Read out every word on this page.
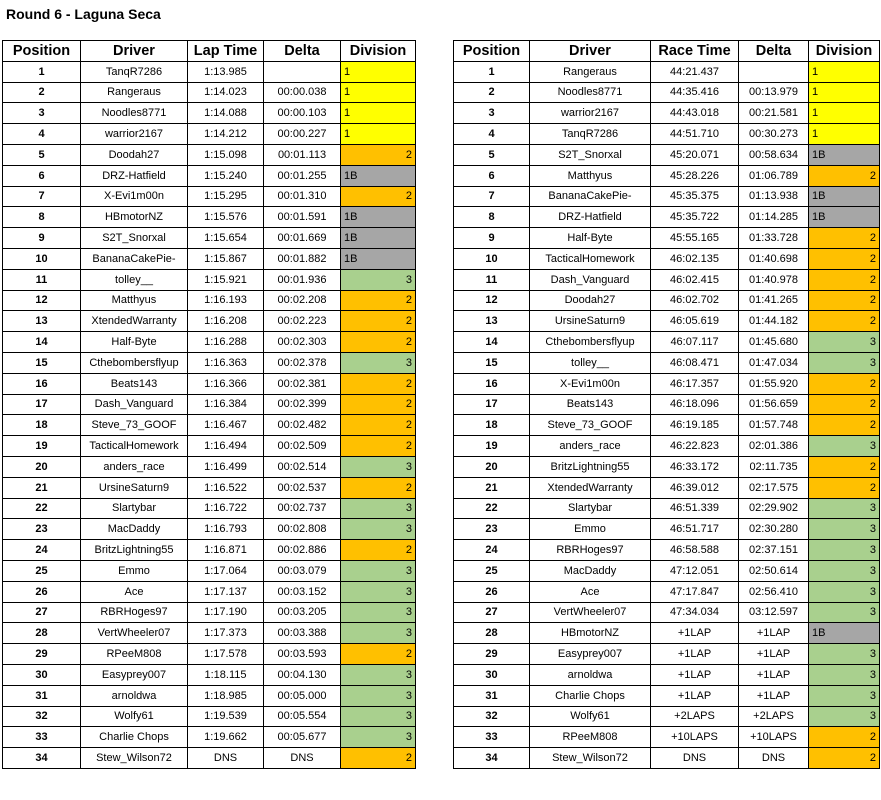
Round 6 - Laguna Seca
Position	Driver	Lap Time	Delta	Division
1	TanqR7286	1:13.985		1
2	Rangeraus	1:14.023	00:00.038	1
3	Noodles8771	1:14.088	00:00.103	1
4	warrior2167	1:14.212	00:00.227	1
5	Doodah27	1:15.098	00:01.113	2
6	DRZ-Hatfield	1:15.240	00:01.255	1B
7	X-Evi1m00n	1:15.295	00:01.310	2
8	HBmotorNZ	1:15.576	00:01.591	1B
9	S2T_Snorxal	1:15.654	00:01.669	1B
10	BananaCakePie-	1:15.867	00:01.882	1B
11	tolley__	1:15.921	00:01.936	3
12	Matthyus	1:16.193	00:02.208	2
13	XtendedWarranty	1:16.208	00:02.223	2
14	Half-Byte	1:16.288	00:02.303	2
15	Cthebombersflyup	1:16.363	00:02.378	3
16	Beats143	1:16.366	00:02.381	2
17	Dash_Vanguard	1:16.384	00:02.399	2
18	Steve_73_GOOF	1:16.467	00:02.482	2
19	TacticalHomework	1:16.494	00:02.509	2
20	anders_race	1:16.499	00:02.514	3
21	UrsineSaturn9	1:16.522	00:02.537	2
22	Slartybar	1:16.722	00:02.737	3
23	MacDaddy	1:16.793	00:02.808	3
24	BritzLightning55	1:16.871	00:02.886	2
25	Emmo	1:17.064	00:03.079	3
26	Ace	1:17.137	00:03.152	3
27	RBRHoges97	1:17.190	00:03.205	3
28	VertWheeler07	1:17.373	00:03.388	3
29	RPeeM808	1:17.578	00:03.593	2
30	Easyprey007	1:18.115	00:04.130	3
31	arnoldwa	1:18.985	00:05.000	3
32	Wolfy61	1:19.539	00:05.554	3
33	Charlie Chops	1:19.662	00:05.677	3
34	Stew_Wilson72	DNS	DNS	2
Position	Driver	Race Time	Delta	Division
1	Rangeraus	44:21.437		1
2	Noodles8771	44:35.416	00:13.979	1
3	warrior2167	44:43.018	00:21.581	1
4	TanqR7286	44:51.710	00:30.273	1
5	S2T_Snorxal	45:20.071	00:58.634	1B
6	Matthyus	45:28.226	01:06.789	2
7	BananaCakePie-	45:35.375	01:13.938	1B
8	DRZ-Hatfield	45:35.722	01:14.285	1B
9	Half-Byte	45:55.165	01:33.728	2
10	TacticalHomework	46:02.135	01:40.698	2
11	Dash_Vanguard	46:02.415	01:40.978	2
12	Doodah27	46:02.702	01:41.265	2
13	UrsineSaturn9	46:05.619	01:44.182	2
14	Cthebombersflyup	46:07.117	01:45.680	3
15	tolley__	46:08.471	01:47.034	3
16	X-Evi1m00n	46:17.357	01:55.920	2
17	Beats143	46:18.096	01:56.659	2
18	Steve_73_GOOF	46:19.185	01:57.748	2
19	anders_race	46:22.823	02:01.386	3
20	BritzLightning55	46:33.172	02:11.735	2
21	XtendedWarranty	46:39.012	02:17.575	2
22	Slartybar	46:51.339	02:29.902	3
23	Emmo	46:51.717	02:30.280	3
24	RBRHoges97	46:58.588	02:37.151	3
25	MacDaddy	47:12.051	02:50.614	3
26	Ace	47:17.847	02:56.410	3
27	VertWheeler07	47:34.034	03:12.597	3
28	HBmotorNZ	+1LAP	+1LAP	1B
29	Easyprey007	+1LAP	+1LAP	3
30	arnoldwa	+1LAP	+1LAP	3
31	Charlie Chops	+1LAP	+1LAP	3
32	Wolfy61	+2LAPS	+2LAPS	3
33	RPeeM808	+10LAPS	+10LAPS	2
34	Stew_Wilson72	DNS	DNS	2
